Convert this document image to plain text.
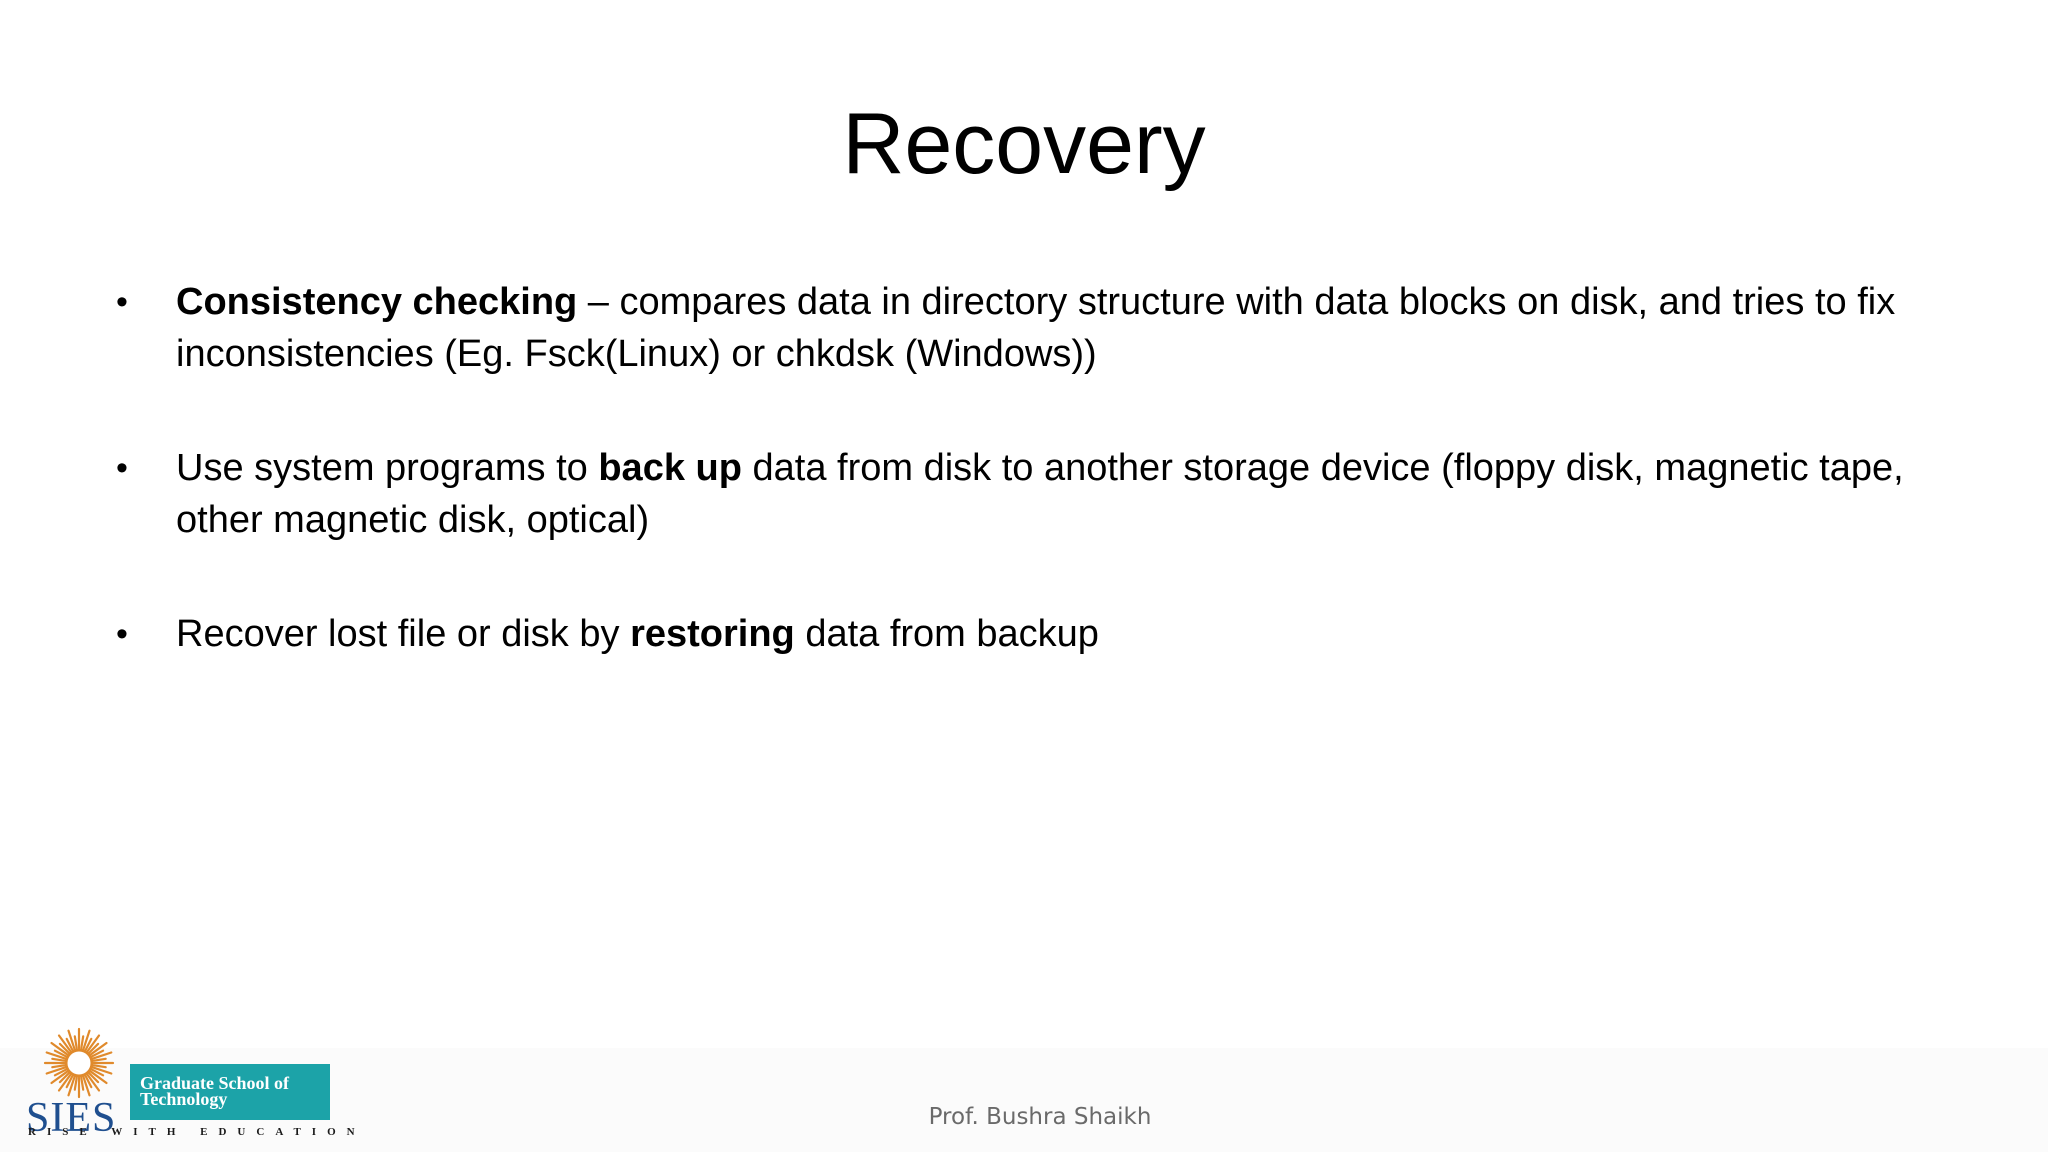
Recovery
• Consistency checking – compares data in directory structure with data blocks on disk, and tries to fix inconsistencies (Eg. Fsck(Linux) or chkdsk (Windows))
• Use system programs to back up data from disk to another storage device (floppy disk, magnetic tape, other magnetic disk, optical)
• Recover lost file or disk by restoring data from backup
Prof. Bushra Shaikh
SIES
RISE WITH EDUCATION
Graduate School of
Technology
